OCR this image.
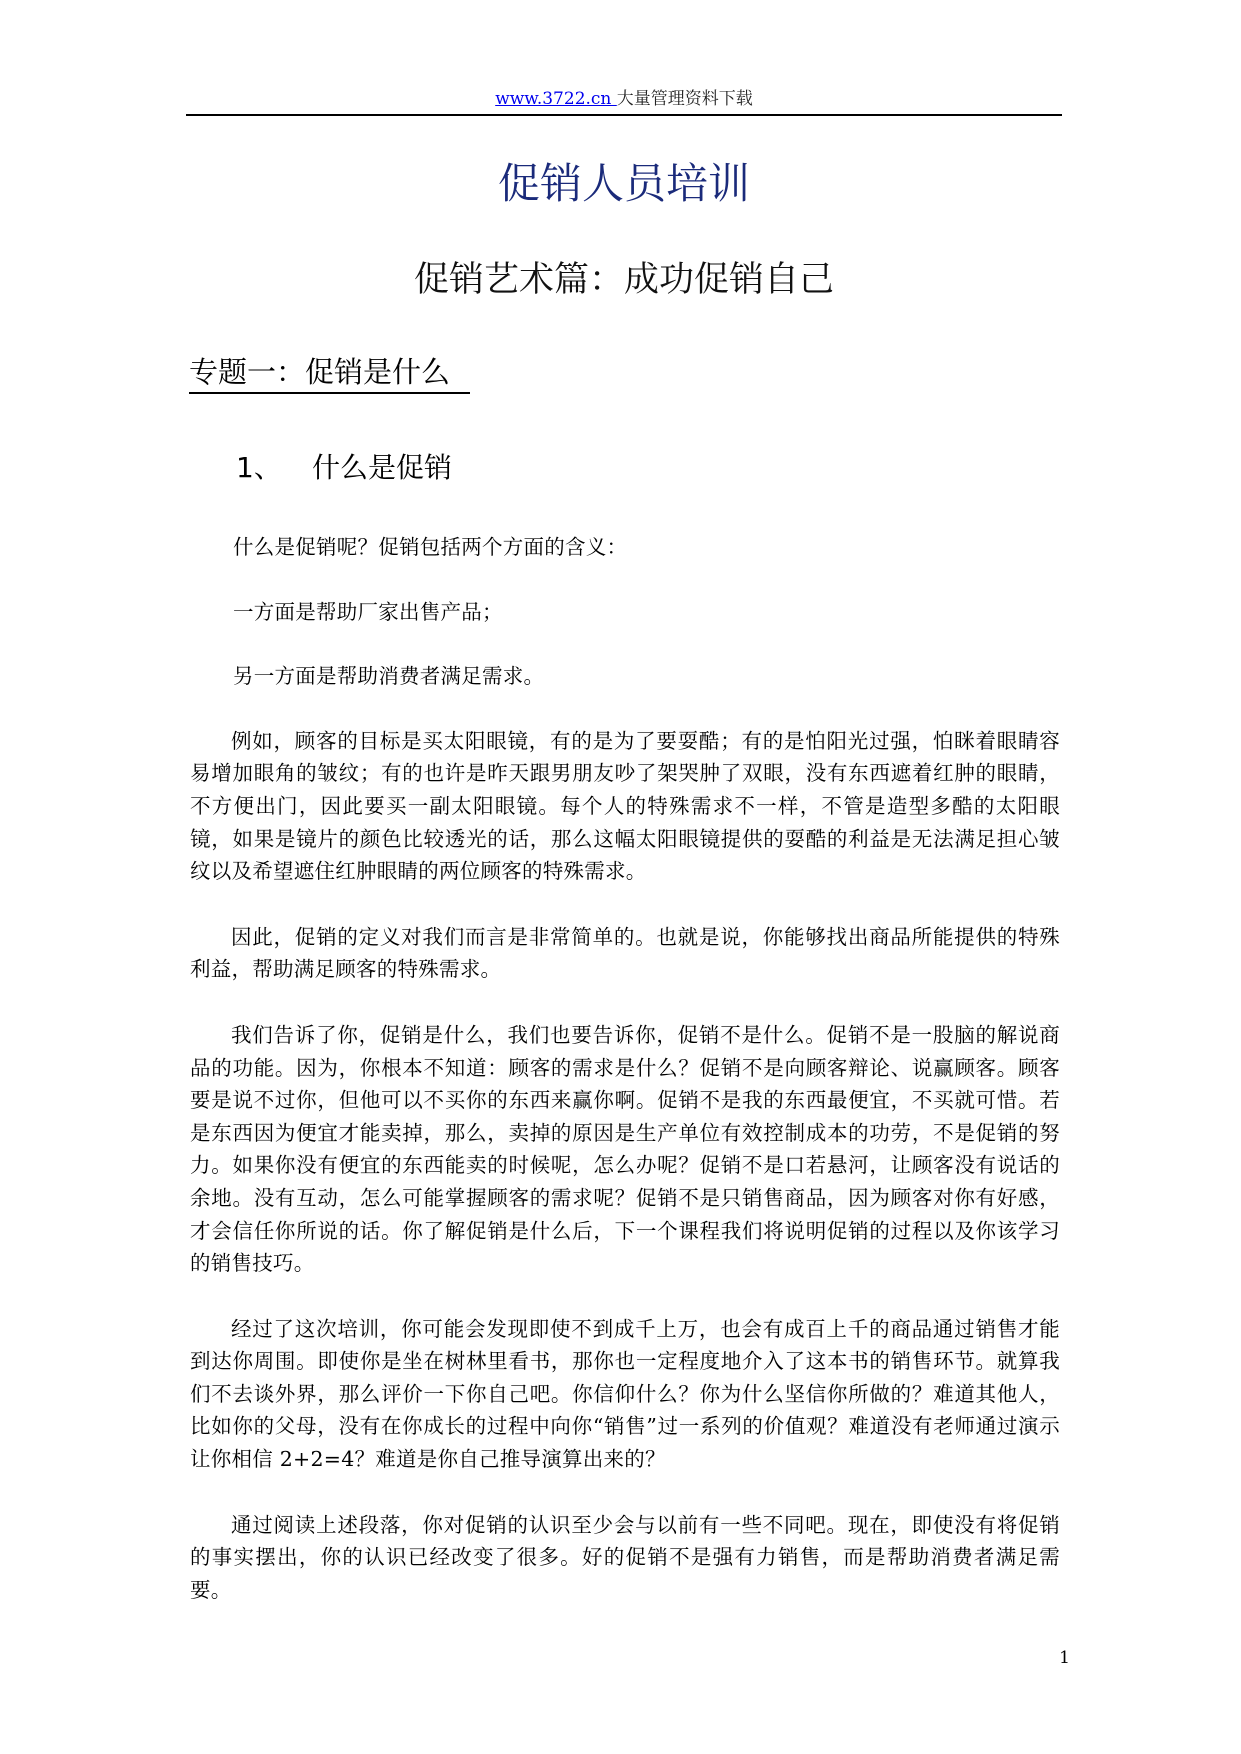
www.3722.cn 大量管理资料下载
促销人员培训
促销艺术篇：成功促销自己
专题一：促销是什么
1、 什么是促销

什么是促销呢？促销包括两个方面的含义：

一方面是帮助厂家出售产品；

另一方面是帮助消费者满足需求。

例如，顾客的目标是买太阳眼镜，有的是为了要耍酷；有的是怕阳光过强，怕眯着眼睛容易增加眼角的皱纹；有的也许是昨天跟男朋友吵了架哭肿了双眼，没有东西遮着红肿的眼睛，不方便出门，因此要买一副太阳眼镜。每个人的特殊需求不一样，不管是造型多酷的太阳眼镜，如果是镜片的颜色比较透光的话，那么这幅太阳眼镜提供的耍酷的利益是无法满足担心皱纹以及希望遮住红肿眼睛的两位顾客的特殊需求。

因此，促销的定义对我们而言是非常简单的。也就是说，你能够找出商品所能提供的特殊利益，帮助满足顾客的特殊需求。

我们告诉了你，促销是什么，我们也要告诉你，促销不是什么。促销不是一股脑的解说商品的功能。因为，你根本不知道：顾客的需求是什么？促销不是向顾客辩论、说赢顾客。顾客要是说不过你，但他可以不买你的东西来赢你啊。促销不是我的东西最便宜，不买就可惜。若是东西因为便宜才能卖掉，那么，卖掉的原因是生产单位有效控制成本的功劳，不是促销的努力。如果你没有便宜的东西能卖的时候呢，怎么办呢？促销不是口若悬河，让顾客没有说话的余地。没有互动，怎么可能掌握顾客的需求呢？促销不是只销售商品，因为顾客对你有好感，才会信任你所说的话。你了解促销是什么后，下一个课程我们将说明促销的过程以及你该学习的销售技巧。

经过了这次培训，你可能会发现即使不到成千上万，也会有成百上千的商品通过销售才能到达你周围。即使你是坐在树林里看书，那你也一定程度地介入了这本书的销售环节。就算我们不去谈外界，那么评价一下你自己吧。你信仰什么？你为什么坚信你所做的？难道其他人，比如你的父母，没有在你成长的过程中向你“销售”过一系列的价值观？难道没有老师通过演示让你相信 2+2=4？难道是你自己推导演算出来的？

通过阅读上述段落，你对促销的认识至少会与以前有一些不同吧。现在，即使没有将促销的事实摆出，你的认识已经改变了很多。好的促销不是强有力销售，而是帮助消费者满足需要。

1
